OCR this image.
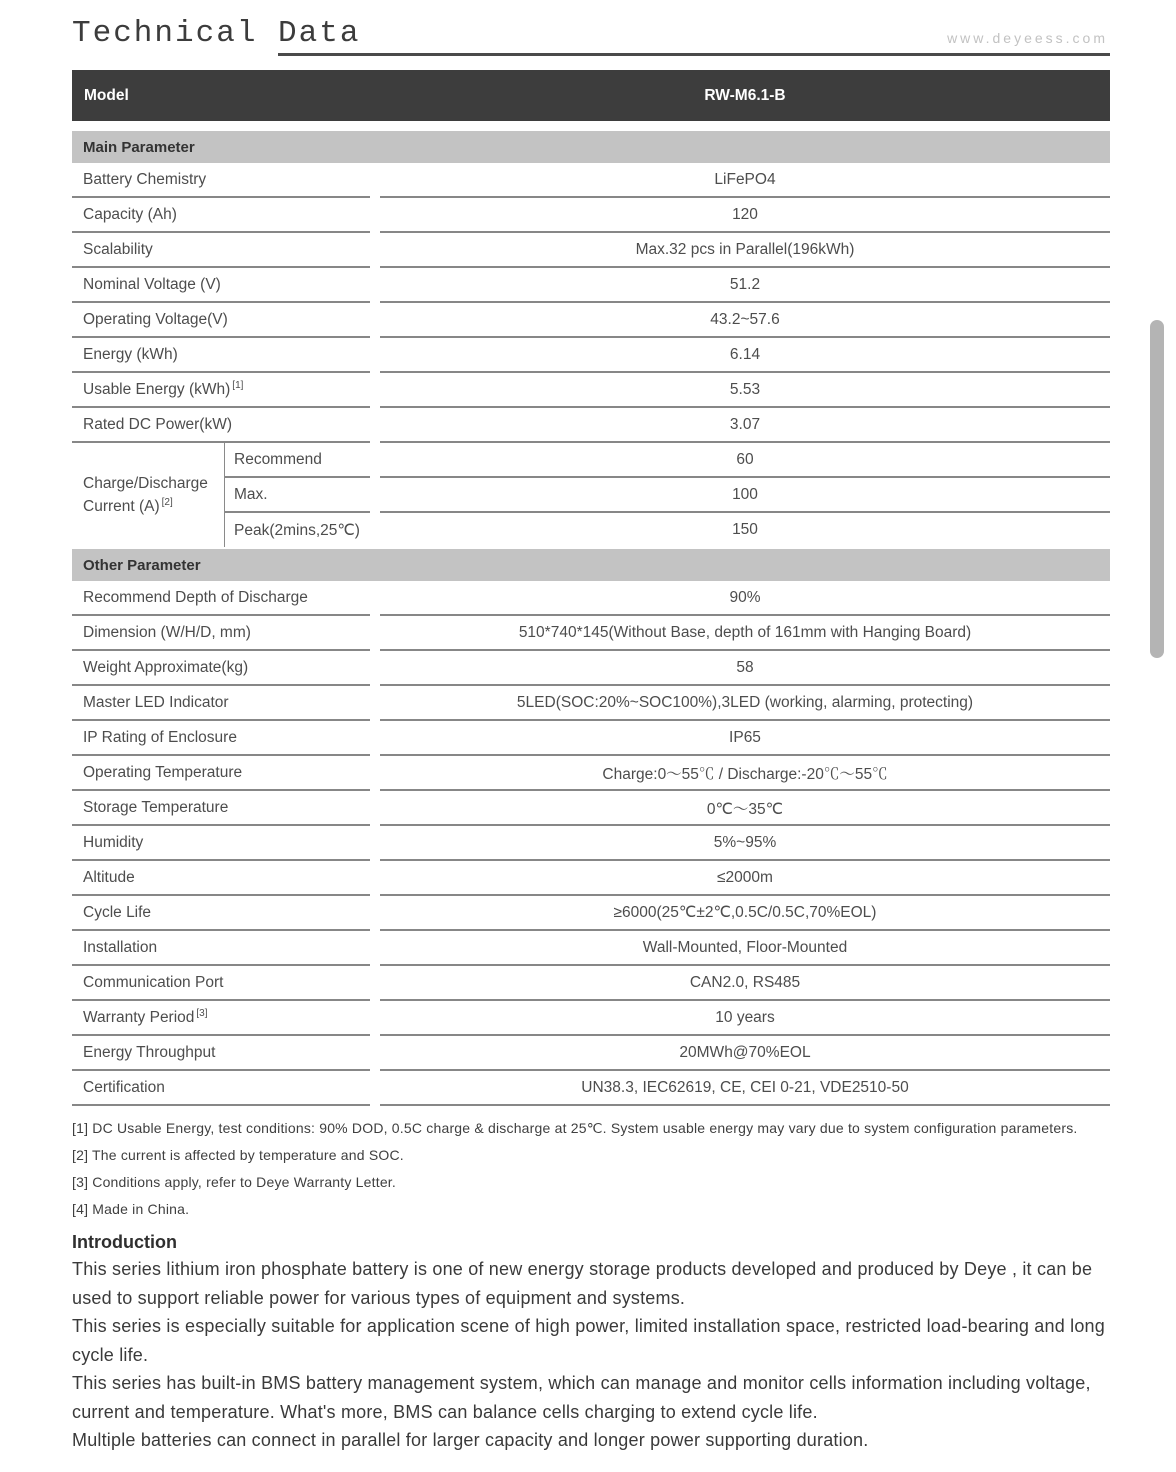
Technical Data	www.deyeess.com
Model	RW-M6.1-B
Main Parameter
Battery Chemistry	LiFePO4
Capacity (Ah)	120
Scalability	Max.32 pcs in Parallel(196kWh)
Nominal Voltage (V)	51.2
Operating Voltage(V)	43.2~57.6
Energy (kWh)	6.14
Usable Energy (kWh)[1]	5.53
Rated DC Power(kW)	3.07
Charge/Discharge Current (A) [2]
Recommend	60
Max.	100
Peak(2mins,25℃)	150
Other Parameter
Recommend Depth of Discharge	90%
Dimension (W/H/D, mm)	510*740*145(Without Base, depth of 161mm with Hanging Board)
Weight Approximate(kg)	58
Master LED Indicator	5LED(SOC:20%~SOC100%),3LED (working, alarming, protecting)
IP Rating of Enclosure	IP65
Operating Temperature	Charge:0～55℃ / Discharge:-20℃～55℃
Storage Temperature	0℃～35℃
Humidity	5%~95%
Altitude	≤2000m
Cycle Life	≥6000(25℃±2℃,0.5C/0.5C,70%EOL)
Installation	Wall-Mounted, Floor-Mounted
Communication Port	CAN2.0, RS485
Warranty Period[3]	10 years
Energy Throughput	20MWh@70%EOL
Certification	UN38.3, IEC62619, CE, CEI 0-21, VDE2510-50
[1] DC Usable Energy, test conditions: 90% DOD, 0.5C charge & discharge at 25℃. System usable energy may vary due to system configuration parameters.
[2] The current is affected by temperature and SOC.
[3] Conditions apply, refer to Deye Warranty Letter.
[4] Made in China.
Introduction

This series lithium iron phosphate battery is one of new energy storage products developed and produced by Deye , it can be used to support reliable power for various types of equipment and systems.

This series is especially suitable for application scene of high power, limited installation space, restricted load-bearing and long cycle life.

This series has built-in BMS battery management system, which can manage and monitor cells information including voltage, current and temperature. What's more, BMS can balance cells charging to extend cycle life.

Multiple batteries can connect in parallel for larger capacity and longer power supporting duration.
